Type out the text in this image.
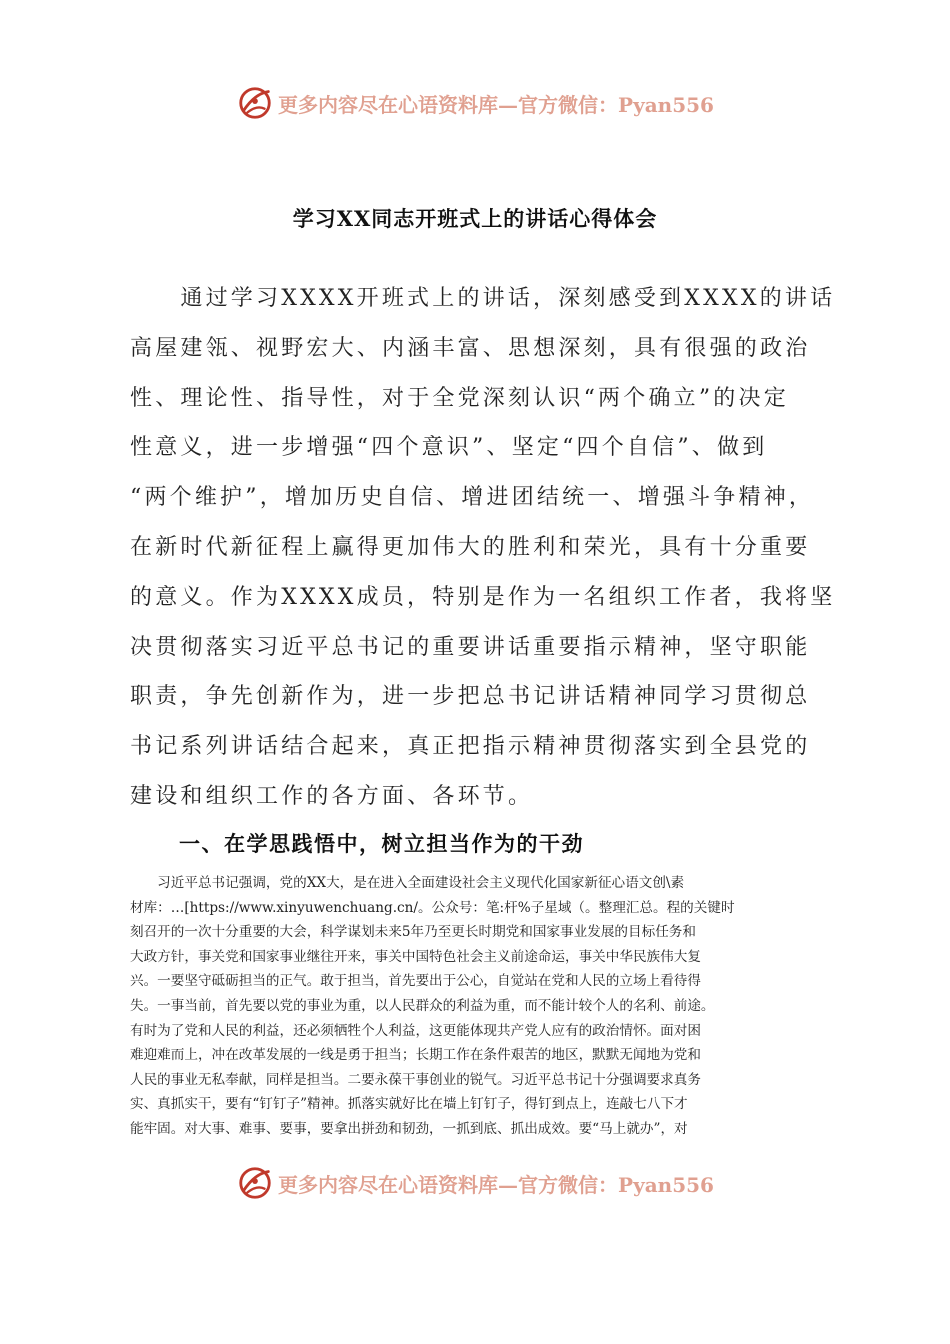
更多内容尽在心语资料库—官方微信：Pyan556
学习XX同志开班式上的讲话心得体会
　　通过学习XXXX开班式上的讲话，深刻感受到XXXX的讲话
高屋建瓴、视野宏大、内涵丰富、思想深刻，具有很强的政治
性、理论性、指导性，对于全党深刻认识“两个确立”的决定
性意义，进一步增强“四个意识”、坚定“四个自信”、做到
“两个维护”，增加历史自信、增进团结统一、增强斗争精神，
在新时代新征程上赢得更加伟大的胜利和荣光，具有十分重要
的意义。作为XXXX成员，特别是作为一名组织工作者，我将坚
决贯彻落实习近平总书记的重要讲话重要指示精神，坚守职能
职责，争先创新作为，进一步把总书记讲话精神同学习贯彻总
书记系列讲话结合起来，真正把指示精神贯彻落实到全县党的
建设和组织工作的各方面、各环节。
一、在学思践悟中，树立担当作为的干劲
　　习近平总书记强调，党的XX大，是在进入全面建设社会主义现代化国家新征心语文创\素
材库：…[https://www.xinyuwenchuang.cn/。公众号：笔:杆%子星域（。整理汇总。程的关键时
刻召开的一次十分重要的大会，科学谋划未来5年乃至更长时期党和国家事业发展的目标任务和
大政方针，事关党和国家事业继往开来，事关中国特色社会主义前途命运，事关中华民族伟大复
兴。一要坚守砥砺担当的正气。敢于担当，首先要出于公心，自觉站在党和人民的立场上看待得
失。一事当前，首先要以党的事业为重，以人民群众的利益为重，而不能计较个人的名利、前途。
有时为了党和人民的利益，还必须牺牲个人利益，这更能体现共产党人应有的政治情怀。面对困
难迎难而上，冲在改革发展的一线是勇于担当；长期工作在条件艰苦的地区，默默无闻地为党和
人民的事业无私奉献，同样是担当。二要永葆干事创业的锐气。习近平总书记十分强调要求真务
实、真抓实干，要有“钉钉子”精神。抓落实就好比在墙上钉钉子，得钉到点上，连敲七八下才
能牢固。对大事、难事、要事，要拿出拼劲和韧劲，一抓到底、抓出成效。要“马上就办”，对
更多内容尽在心语资料库—官方微信：Pyan556
